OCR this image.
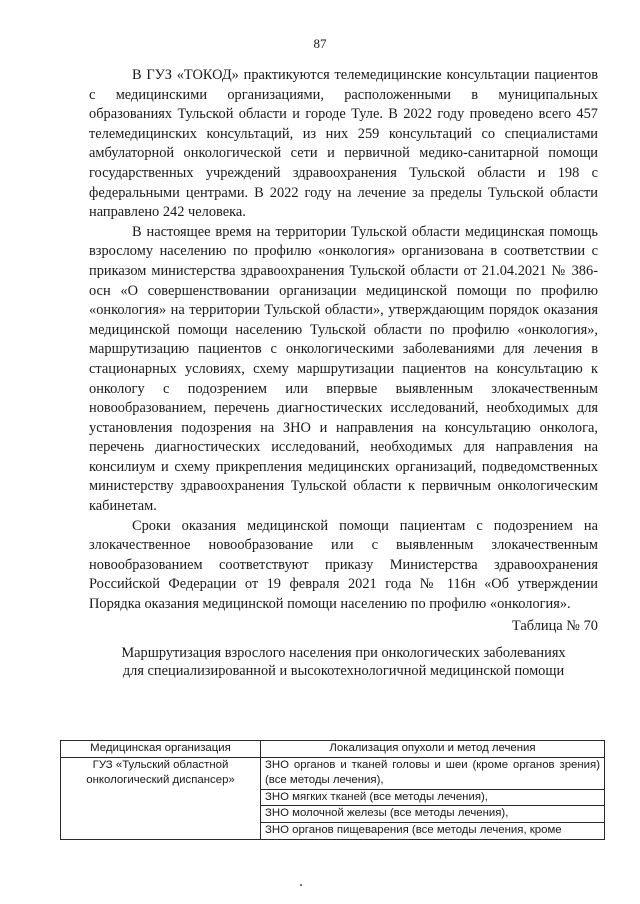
87

В ГУЗ «ТОКОД» практикуются телемедицинские консультации пациентов с медицинскими организациями, расположенными в муниципальных образованиях Тульской области и городе Туле. В 2022 году проведено всего 457 телемедицинских консультаций, из них 259 консультаций со специалистами амбулаторной онкологической сети и первичной медико-санитарной помощи государственных учреждений здравоохранения Тульской области и 198 с федеральными центрами. В 2022 году на лечение за пределы Тульской области направлено 242 человека.

В настоящее время на территории Тульской области медицинская помощь взрослому населению по профилю «онкология» организована в соответствии с приказом министерства здравоохранения Тульской области от 21.04.2021 № 386-осн «О совершенствовании организации медицинской помощи по профилю «онкология» на территории Тульской области», утверждающим порядок оказания медицинской помощи населению Тульской области по профилю «онкология», маршрутизацию пациентов с онкологическими заболеваниями для лечения в стационарных условиях, схему маршрутизации пациентов на консультацию к онкологу с подозрением или впервые выявленным злокачественным новообразованием, перечень диагностических исследований, необходимых для установления подозрения на ЗНО и направления на консультацию онколога, перечень диагностических исследований, необходимых для направления на консилиум и схему прикрепления медицинских организаций, подведомственных министерству здравоохранения Тульской области к первичным онкологическим кабинетам.

Сроки оказания медицинской помощи пациентам с подозрением на злокачественное новообразование или с выявленным злокачественным новообразованием соответствуют приказу Министерства здравоохранения Российской Федерации от 19 февраля 2021 года № 116н «Об утверждении Порядка оказания медицинской помощи населению по профилю «онкология».

Таблица № 70

Маршрутизация взрослого населения при онкологических заболеваниях
для специализированной и высокотехнологичной медицинской помощи

Медицинская организация	Локализация опухоли и метод лечения
ГУЗ «Тульский областной онкологический диспансер»	ЗНО органов и тканей головы и шеи (кроме органов зрения) (все методы лечения),
ЗНО мягких тканей (все методы лечения),
ЗНО молочной железы (все методы лечения),
ЗНО органов пищеварения (все методы лечения, кроме
